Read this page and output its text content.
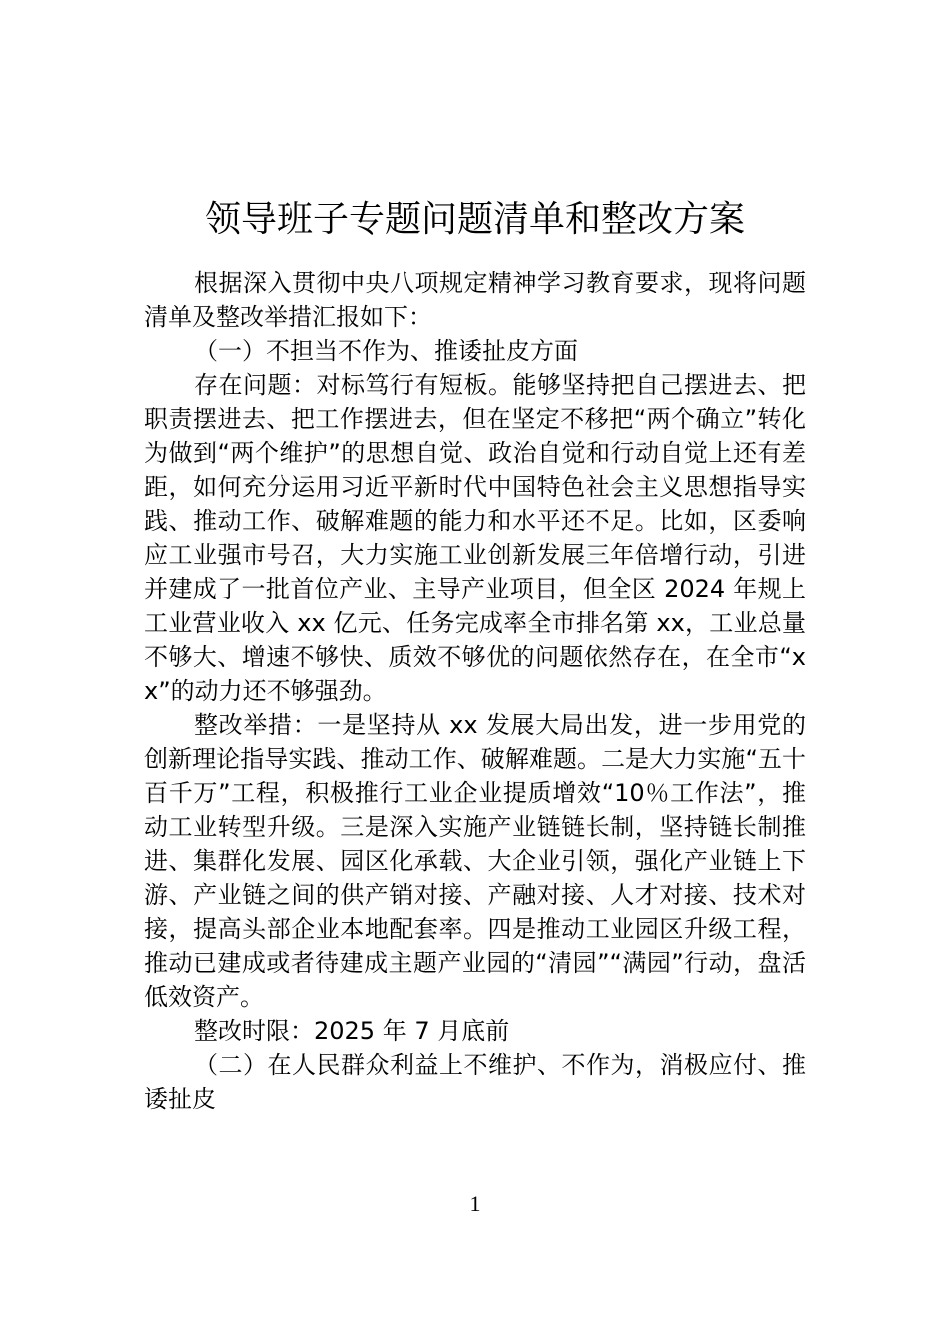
领导班子专题问题清单和整改方案

根据深入贯彻中央八项规定精神学习教育要求，现将问题清单及整改举措汇报如下：

（一）不担当不作为、推诿扯皮方面

存在问题：对标笃行有短板。能够坚持把自己摆进去、把职责摆进去、把工作摆进去，但在坚定不移把“两个确立”转化为做到“两个维护”的思想自觉、政治自觉和行动自觉上还有差距，如何充分运用习近平新时代中国特色社会主义思想指导实践、推动工作、破解难题的能力和水平还不足。比如，区委响应工业强市号召，大力实施工业创新发展三年倍增行动，引进并建成了一批首位产业、主导产业项目，但全区 2024 年规上工业营业收入 xx 亿元、任务完成率全市排名第 xx，工业总量不够大、增速不够快、质效不够优的问题依然存在，在全市“xx”的动力还不够强劲。

整改举措：一是坚持从 xx 发展大局出发，进一步用党的创新理论指导实践、推动工作、破解难题。二是大力实施“五十百千万”工程，积极推行工业企业提质增效“10％工作法”，推动工业转型升级。三是深入实施产业链链长制，坚持链长制推进、集群化发展、园区化承载、大企业引领，强化产业链上下游、产业链之间的供产销对接、产融对接、人才对接、技术对接，提高头部企业本地配套率。四是推动工业园区升级工程，推动已建成或者待建成主题产业园的“清园”“满园”行动，盘活低效资产。

整改时限：2025 年 7 月底前

（二）在人民群众利益上不维护、不作为，消极应付、推诿扯皮

1
